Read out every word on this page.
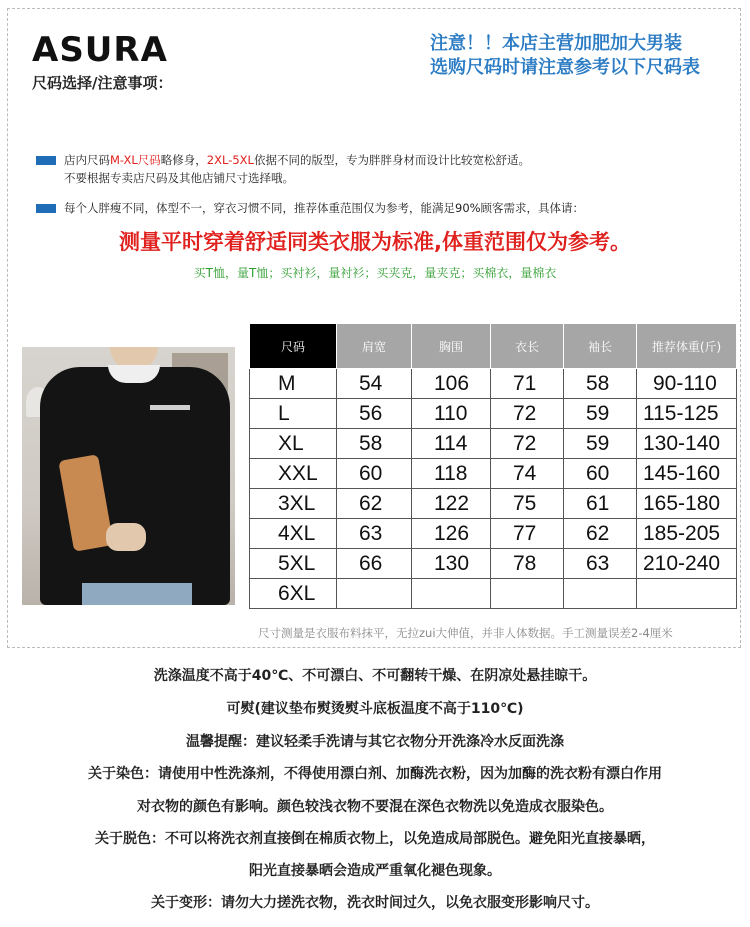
ASURA
尺码选择/注意事项：
注意！！本店主营加肥加大男装
选购尺码时请注意参考以下尺码表
店内尺码M-XL尺码略修身，2XL-5XL依据不同的版型，专为胖胖身材而设计比较宽松舒适。
不要根据专卖店尺码及其他店铺尺寸选择哦。
每个人胖瘦不同，体型不一，穿衣习惯不同，推荐体重范围仅为参考，能满足90%顾客需求，具体请：
测量平时穿着舒适同类衣服为标准,体重范围仅为参考。
买T恤，量T恤；买衬衫，量衬衫；买夹克，量夹克；买棉衣，量棉衣
尺码	肩宽	胸围	衣长	袖长	推荐体重(斤)
M	54	106	71	58	90-110
L	56	110	72	59	115-125
XL	58	114	72	59	130-140
XXL	60	118	74	60	145-160
3XL	62	122	75	61	165-180
4XL	63	126	77	62	185-205
5XL	66	130	78	63	210-240
6XL					
尺寸测量是衣服布料抹平，无拉zui大伸值，并非人体数据。手工测量误差2-4厘米
洗涤温度不高于40℃、不可漂白、不可翻转干燥、在阴凉处悬挂晾干。
可熨(建议垫布熨烫熨斗底板温度不高于110℃)
温馨提醒：建议轻柔手洗请与其它衣物分开洗涤冷水反面洗涤
关于染色：请使用中性洗涤剂，不得使用漂白剂、加酶洗衣粉，因为加酶的洗衣粉有漂白作用
对衣物的颜色有影响。颜色较浅衣物不要混在深色衣物洗以免造成衣服染色。
关于脱色：不可以将洗衣剂直接倒在棉质衣物上，以免造成局部脱色。避免阳光直接暴晒，
阳光直接暴晒会造成严重氧化褪色现象。
关于变形：请勿大力搓洗衣物，洗衣时间过久，以免衣服变形影响尺寸。
